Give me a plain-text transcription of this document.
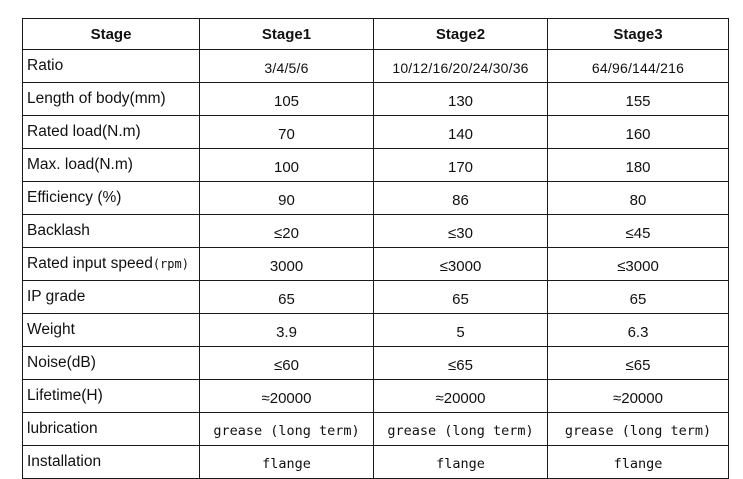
Stage	Stage1	Stage2	Stage3
Ratio	3/4/5/6	10/12/16/20/24/30/36	64/96/144/216
Length of body(mm)	105	130	155
Rated load(N.m)	70	140	160
Max. load(N.m)	100	170	180
Efficiency (%)	90	86	80
Backlash	≤20	≤30	≤45
Rated input speed(rpm)	3000	≤3000	≤3000
IP grade	65	65	65
Weight	3.9	5	6.3
Noise(dB)	≤60	≤65	≤65
Lifetime(H)	≈20000	≈20000	≈20000
lubrication	grease (long term)	grease (long term)	grease (long term)
Installation	flange	flange	flange
